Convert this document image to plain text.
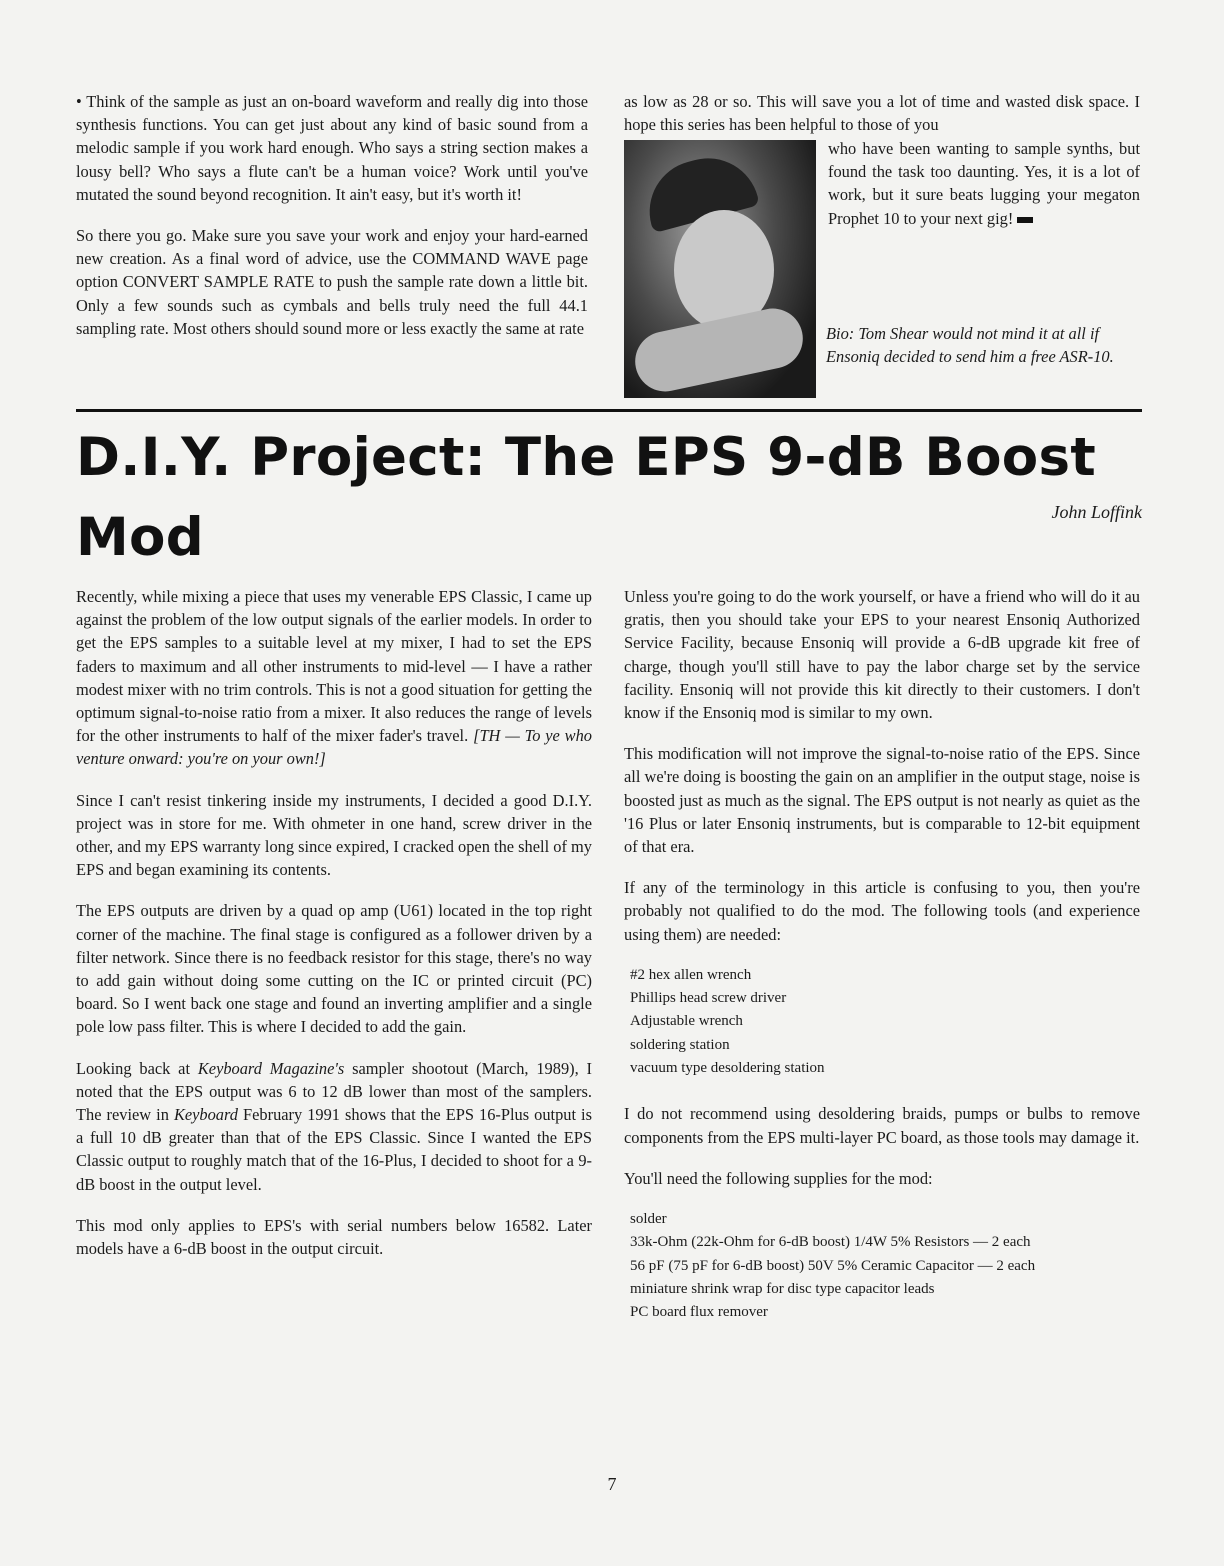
• Think of the sample as just an on-board waveform and really dig into those synthesis functions. You can get just about any kind of basic sound from a melodic sample if you work hard enough. Who says a string section makes a lousy bell? Who says a flute can't be a human voice? Work until you've mutated the sound beyond recognition. It ain't easy, but it's worth it!

So there you go. Make sure you save your work and enjoy your hard-earned new creation. As a final word of advice, use the COMMAND WAVE page option CONVERT SAMPLE RATE to push the sample rate down a little bit. Only a few sounds such as cymbals and bells truly need the full 44.1 sampling rate. Most others should sound more or less exactly the same at rate

as low as 28 or so. This will save you a lot of time and wasted disk space. I hope this series has been helpful to those of you

who have been wanting to sample synths, but found the task too daunting. Yes, it is a lot of work, but it sure beats lugging your megaton Prophet 10 to your next gig!
Bio: Tom Shear would not mind it at all if Ensoniq decided to send him a free ASR-10.
D.I.Y. Project: The EPS 9-dB Boost Mod	John Loffink

Recently, while mixing a piece that uses my venerable EPS Classic, I came up against the problem of the low output signals of the earlier models. In order to get the EPS samples to a suitable level at my mixer, I had to set the EPS faders to maximum and all other instruments to mid-level — I have a rather modest mixer with no trim controls. This is not a good situation for getting the optimum signal-to-noise ratio from a mixer. It also reduces the range of levels for the other instruments to half of the mixer fader's travel. [TH — To ye who venture onward: you're on your own!]

Since I can't resist tinkering inside my instruments, I decided a good D.I.Y. project was in store for me. With ohmeter in one hand, screw driver in the other, and my EPS warranty long since expired, I cracked open the shell of my EPS and began examining its contents.

The EPS outputs are driven by a quad op amp (U61) located in the top right corner of the machine. The final stage is configured as a follower driven by a filter network. Since there is no feedback resistor for this stage, there's no way to add gain without doing some cutting on the IC or printed circuit (PC) board. So I went back one stage and found an inverting amplifier and a single pole low pass filter. This is where I decided to add the gain.

Looking back at Keyboard Magazine's sampler shootout (March, 1989), I noted that the EPS output was 6 to 12 dB lower than most of the samplers. The review in Keyboard February 1991 shows that the EPS 16-Plus output is a full 10 dB greater than that of the EPS Classic. Since I wanted the EPS Classic output to roughly match that of the 16-Plus, I decided to shoot for a 9-dB boost in the output level.

This mod only applies to EPS's with serial numbers below 16582. Later models have a 6-dB boost in the output circuit.

Unless you're going to do the work yourself, or have a friend who will do it au gratis, then you should take your EPS to your nearest Ensoniq Authorized Service Facility, because Ensoniq will provide a 6-dB upgrade kit free of charge, though you'll still have to pay the labor charge set by the service facility. Ensoniq will not provide this kit directly to their customers. I don't know if the Ensoniq mod is similar to my own.

This modification will not improve the signal-to-noise ratio of the EPS. Since all we're doing is boosting the gain on an amplifier in the output stage, noise is boosted just as much as the signal. The EPS output is not nearly as quiet as the '16 Plus or later Ensoniq instruments, but is comparable to 12-bit equipment of that era.

If any of the terminology in this article is confusing to you, then you're probably not qualified to do the mod. The following tools (and experience using them) are needed:

#2 hex allen wrench
Phillips head screw driver
Adjustable wrench
soldering station
vacuum type desoldering station

I do not recommend using desoldering braids, pumps or bulbs to remove components from the EPS multi-layer PC board, as those tools may damage it.

You'll need the following supplies for the mod:

solder
33k-Ohm (22k-Ohm for 6-dB boost) 1/4W 5% Resistors — 2 each
56 pF (75 pF for 6-dB boost) 50V 5% Ceramic Capacitor — 2 each
miniature shrink wrap for disc type capacitor leads
PC board flux remover
7
